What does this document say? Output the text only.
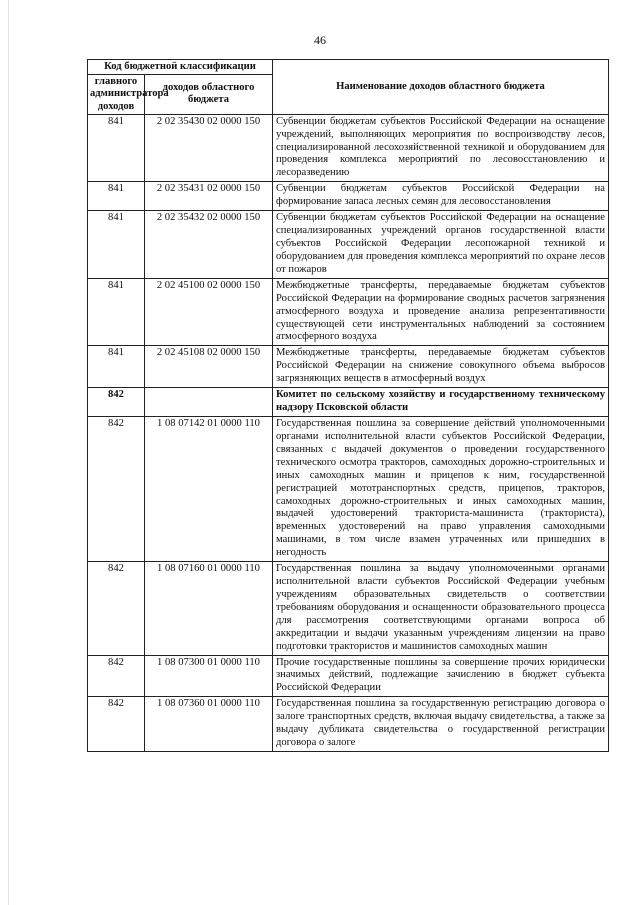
46
Код бюджетной классификации		Наименование доходов областного бюджета
главного администратора доходов	доходов областного бюджета	
841	2 02 35430 02 0000 150	Субвенции бюджетам субъектов Российской Федерации на оснащение учреждений, выполняющих мероприятия по воспроизводству лесов, специализированной лесохозяйственной техникой и оборудованием для проведения комплекса мероприятий по лесовосстановлению и лесоразведению
841	2 02 35431 02 0000 150	Субвенции бюджетам субъектов Российской Федерации на формирование запаса лесных семян для лесовосстановления
841	2 02 35432 02 0000 150	Субвенции бюджетам субъектов Российской Федерации на оснащение специализированных учреждений органов государственной власти субъектов Российской Федерации лесопожарной техникой и оборудованием для проведения комплекса мероприятий по охране лесов от пожаров
841	2 02 45100 02 0000 150	Межбюджетные трансферты, передаваемые бюджетам субъектов Российской Федерации на формирование сводных расчетов загрязнения атмосферного воздуха и проведение анализа репрезентативности существующей сети инструментальных наблюдений за состоянием атмосферного воздуха
841	2 02 45108 02 0000 150	Межбюджетные трансферты, передаваемые бюджетам субъектов Российской Федерации на снижение совокупного объема выбросов загрязняющих веществ в атмосферный воздух
842		Комитет по сельскому хозяйству и государственному техническому надзору Псковской области
842	1 08 07142 01 0000 110	Государственная пошлина за совершение действий уполномоченными органами исполнительной власти субъектов Российской Федерации, связанных с выдачей документов о проведении государственного технического осмотра тракторов, самоходных дорожно-строительных и иных самоходных машин и прицепов к ним, государственной регистрацией мототранспортных средств, прицепов, тракторов, самоходных дорожно-строительных и иных самоходных машин, выдачей удостоверений тракториста-машиниста (тракториста), временных удостоверений на право управления самоходными машинами, в том числе взамен утраченных или пришедших в негодность
842	1 08 07160 01 0000 110	Государственная пошлина за выдачу уполномоченными органами исполнительной власти субъектов Российской Федерации учебным учреждениям образовательных свидетельств о соответствии требованиям оборудования и оснащенности образовательного процесса для рассмотрения соответствующими органами вопроса об аккредитации и выдачи указанным учреждениям лицензии на право подготовки трактористов и машинистов самоходных машин
842	1 08 07300 01 0000 110	Прочие государственные пошлины за совершение прочих юридически значимых действий, подлежащие зачислению в бюджет субъекта Российской Федерации
842	1 08 07360 01 0000 110	Государственная пошлина за государственную регистрацию договора о залоге транспортных средств, включая выдачу свидетельства, а также за выдачу дубликата свидетельства о государственной регистрации договора о залоге
